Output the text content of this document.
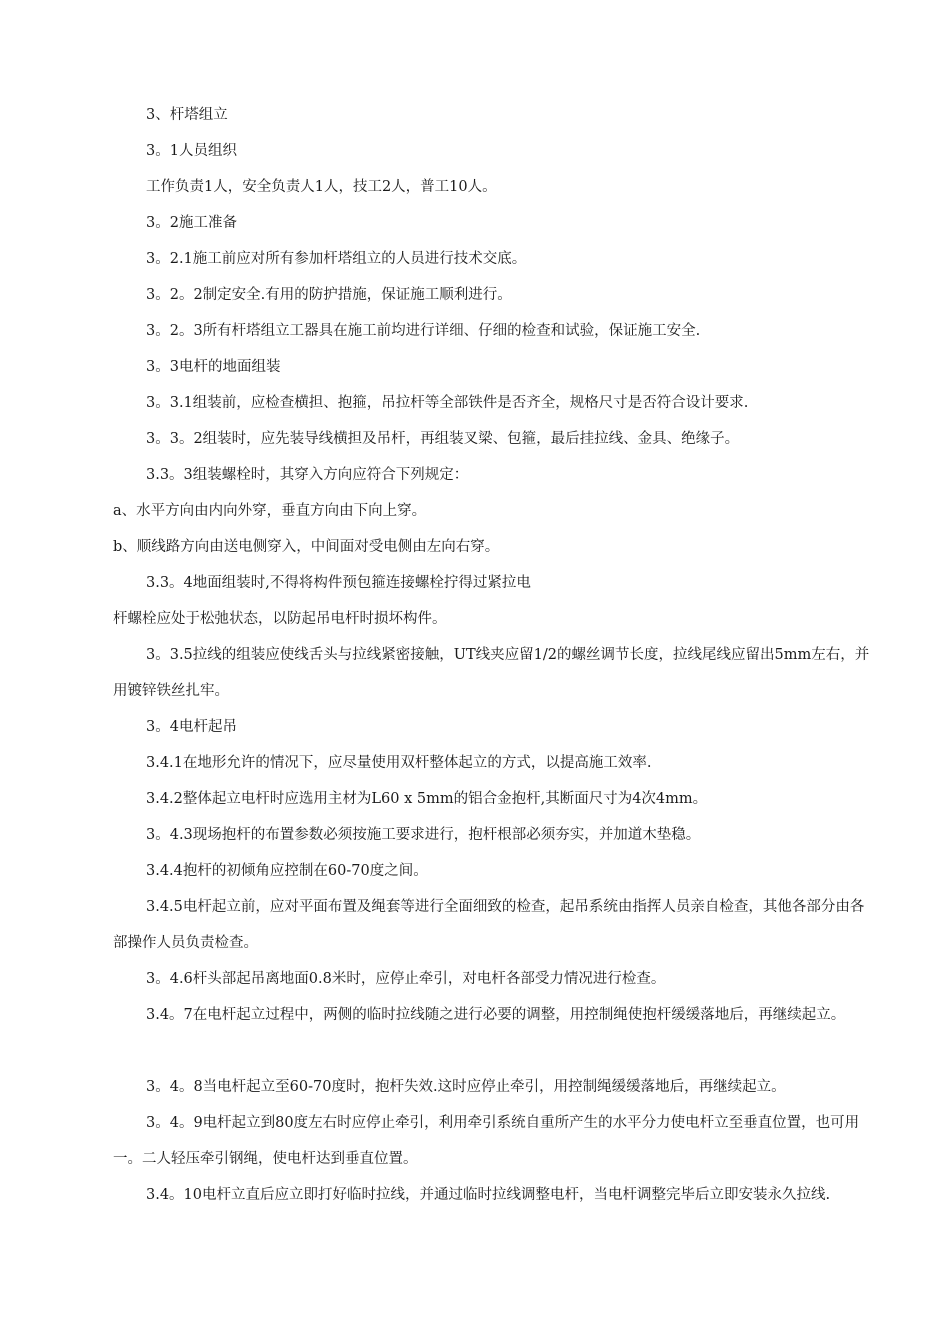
3、杆塔组立

3。1人员组织

工作负责1人，安全负责人1人，技工2人，普工10人。

3。2施工准备

3。2.1施工前应对所有参加杆塔组立的人员进行技术交底。

3。2。2制定安全.有用的防护措施，保证施工顺利进行。

3。2。3所有杆塔组立工器具在施工前均进行详细、仔细的检查和试验，保证施工安全.

3。3电杆的地面组装

3。3.1组装前，应检查横担、抱箍，吊拉杆等全部铁件是否齐全，规格尺寸是否符合设计要求.

3。3。2组装时，应先装导线横担及吊杆，再组装叉梁、包箍，最后挂拉线、金具、绝缘子。

3.3。3组装螺栓时，其穿入方向应符合下列规定：

a、水平方向由内向外穿，垂直方向由下向上穿。

b、顺线路方向由送电侧穿入，中间面对受电侧由左向右穿。

3.3。4地面组装时,不得将构件预包箍连接螺栓拧得过紧拉电

杆螺栓应处于松弛状态，以防起吊电杆时损坏构件。

3。3.5拉线的组装应使线舌头与拉线紧密接触，UT线夹应留1/2的螺丝调节长度，拉线尾线应留出5mm左右，并用镀锌铁丝扎牢。

3。4电杆起吊

3.4.1在地形允许的情况下，应尽量使用双杆整体起立的方式，以提高施工效率.

3.4.2整体起立电杆时应选用主材为L60 x 5mm的铝合金抱杆,其断面尺寸为4次4mm。

3。4.3现场抱杆的布置参数必须按施工要求进行，抱杆根部必须夯实，并加道木垫稳。

3.4.4抱杆的初倾角应控制在60-70度之间。

3.4.5电杆起立前，应对平面布置及绳套等进行全面细致的检查，起吊系统由指挥人员亲自检查，其他各部分由各部操作人员负责检查。

3。4.6杆头部起吊离地面0.8米时，应停止牵引，对电杆各部受力情况进行检查。

3.4。7在电杆起立过程中，两侧的临时拉线随之进行必要的调整，用控制绳使抱杆缓缓落地后，再继续起立。

3。4。8当电杆起立至60-70度时，抱杆失效.这时应停止牵引，用控制绳缓缓落地后，再继续起立。

3。4。9电杆起立到80度左右时应停止牵引，利用牵引系统自重所产生的水平分力使电杆立至垂直位置，也可用一。二人轻压牵引钢绳，使电杆达到垂直位置。

3.4。10电杆立直后应立即打好临时拉线，并通过临时拉线调整电杆，当电杆调整完毕后立即安装永久拉线.
